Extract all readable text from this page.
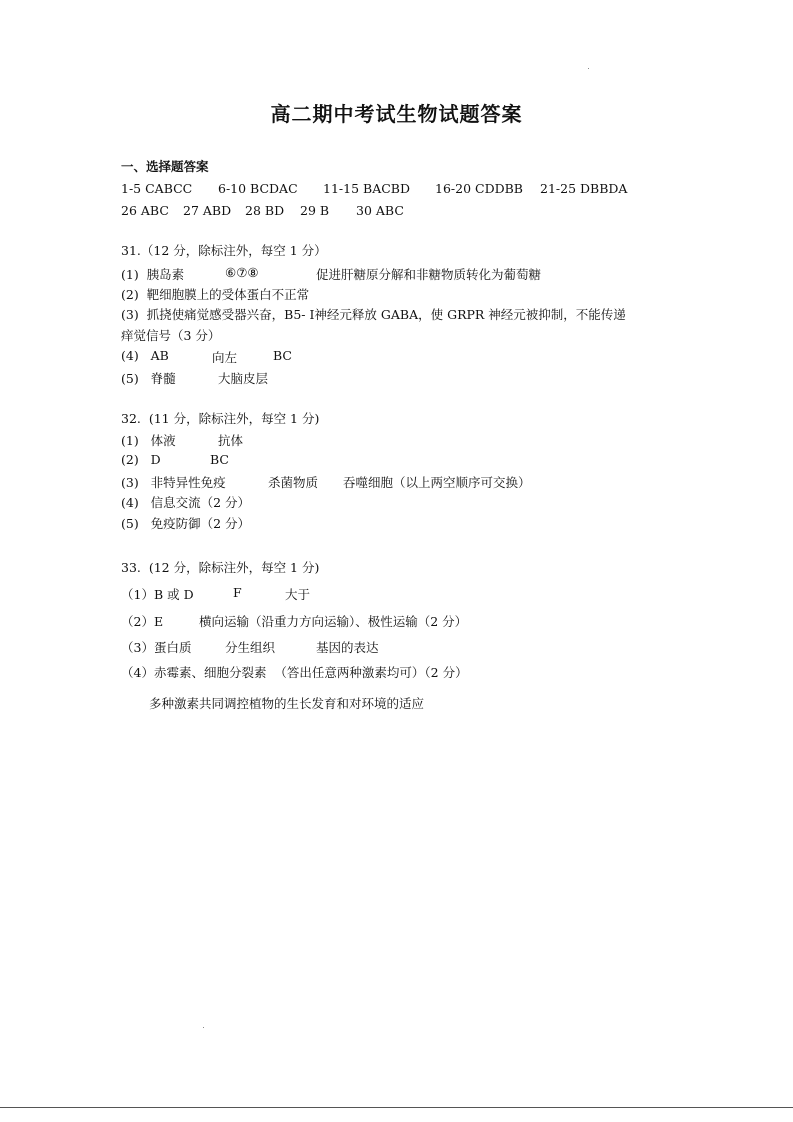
高二期中考试生物试题答案
一、选择题答案
1-5 CABCC 6-10 BCDAC 11-15 BACBD 16-20 CDDBB 21-25 DBBDA
26 ABC 27 ABD 28 BD 29 B 30 ABC
31.（12 分，除标注外，每空 1 分）
(1)  胰岛素	⑥⑦⑧	促进肝糖原分解和非糖物质转化为葡萄糖
(2)  靶细胞膜上的受体蛋白不正常
(3)  抓挠使痛觉感受器兴奋，B5- Ⅰ神经元释放 GABA，使 GRPR 神经元被抑制，不能传递
痒觉信号（3 分）
(4)   AB	向左	BC
(5)   脊髓	大脑皮层
32.  (11 分，除标注外，每空 1 分)
(1)   体液	抗体
(2)   D	BC
(3)   非特异性免疫	杀菌物质 吞噬细胞（以上两空顺序可交换）
(4)   信息交流（2 分）
(5)   免疫防御（2 分）
33.  (12 分，除标注外，每空 1 分)
（1）B 或 D	F	大于
（2）E	横向运输（沿重力方向运输）、极性运输（2 分）
（3）蛋白质	分生组织	基因的表达
（4）赤霉素、细胞分裂素  （答出任意两种激素均可）（2 分）
多种激素共同调控植物的生长发育和对环境的适应
